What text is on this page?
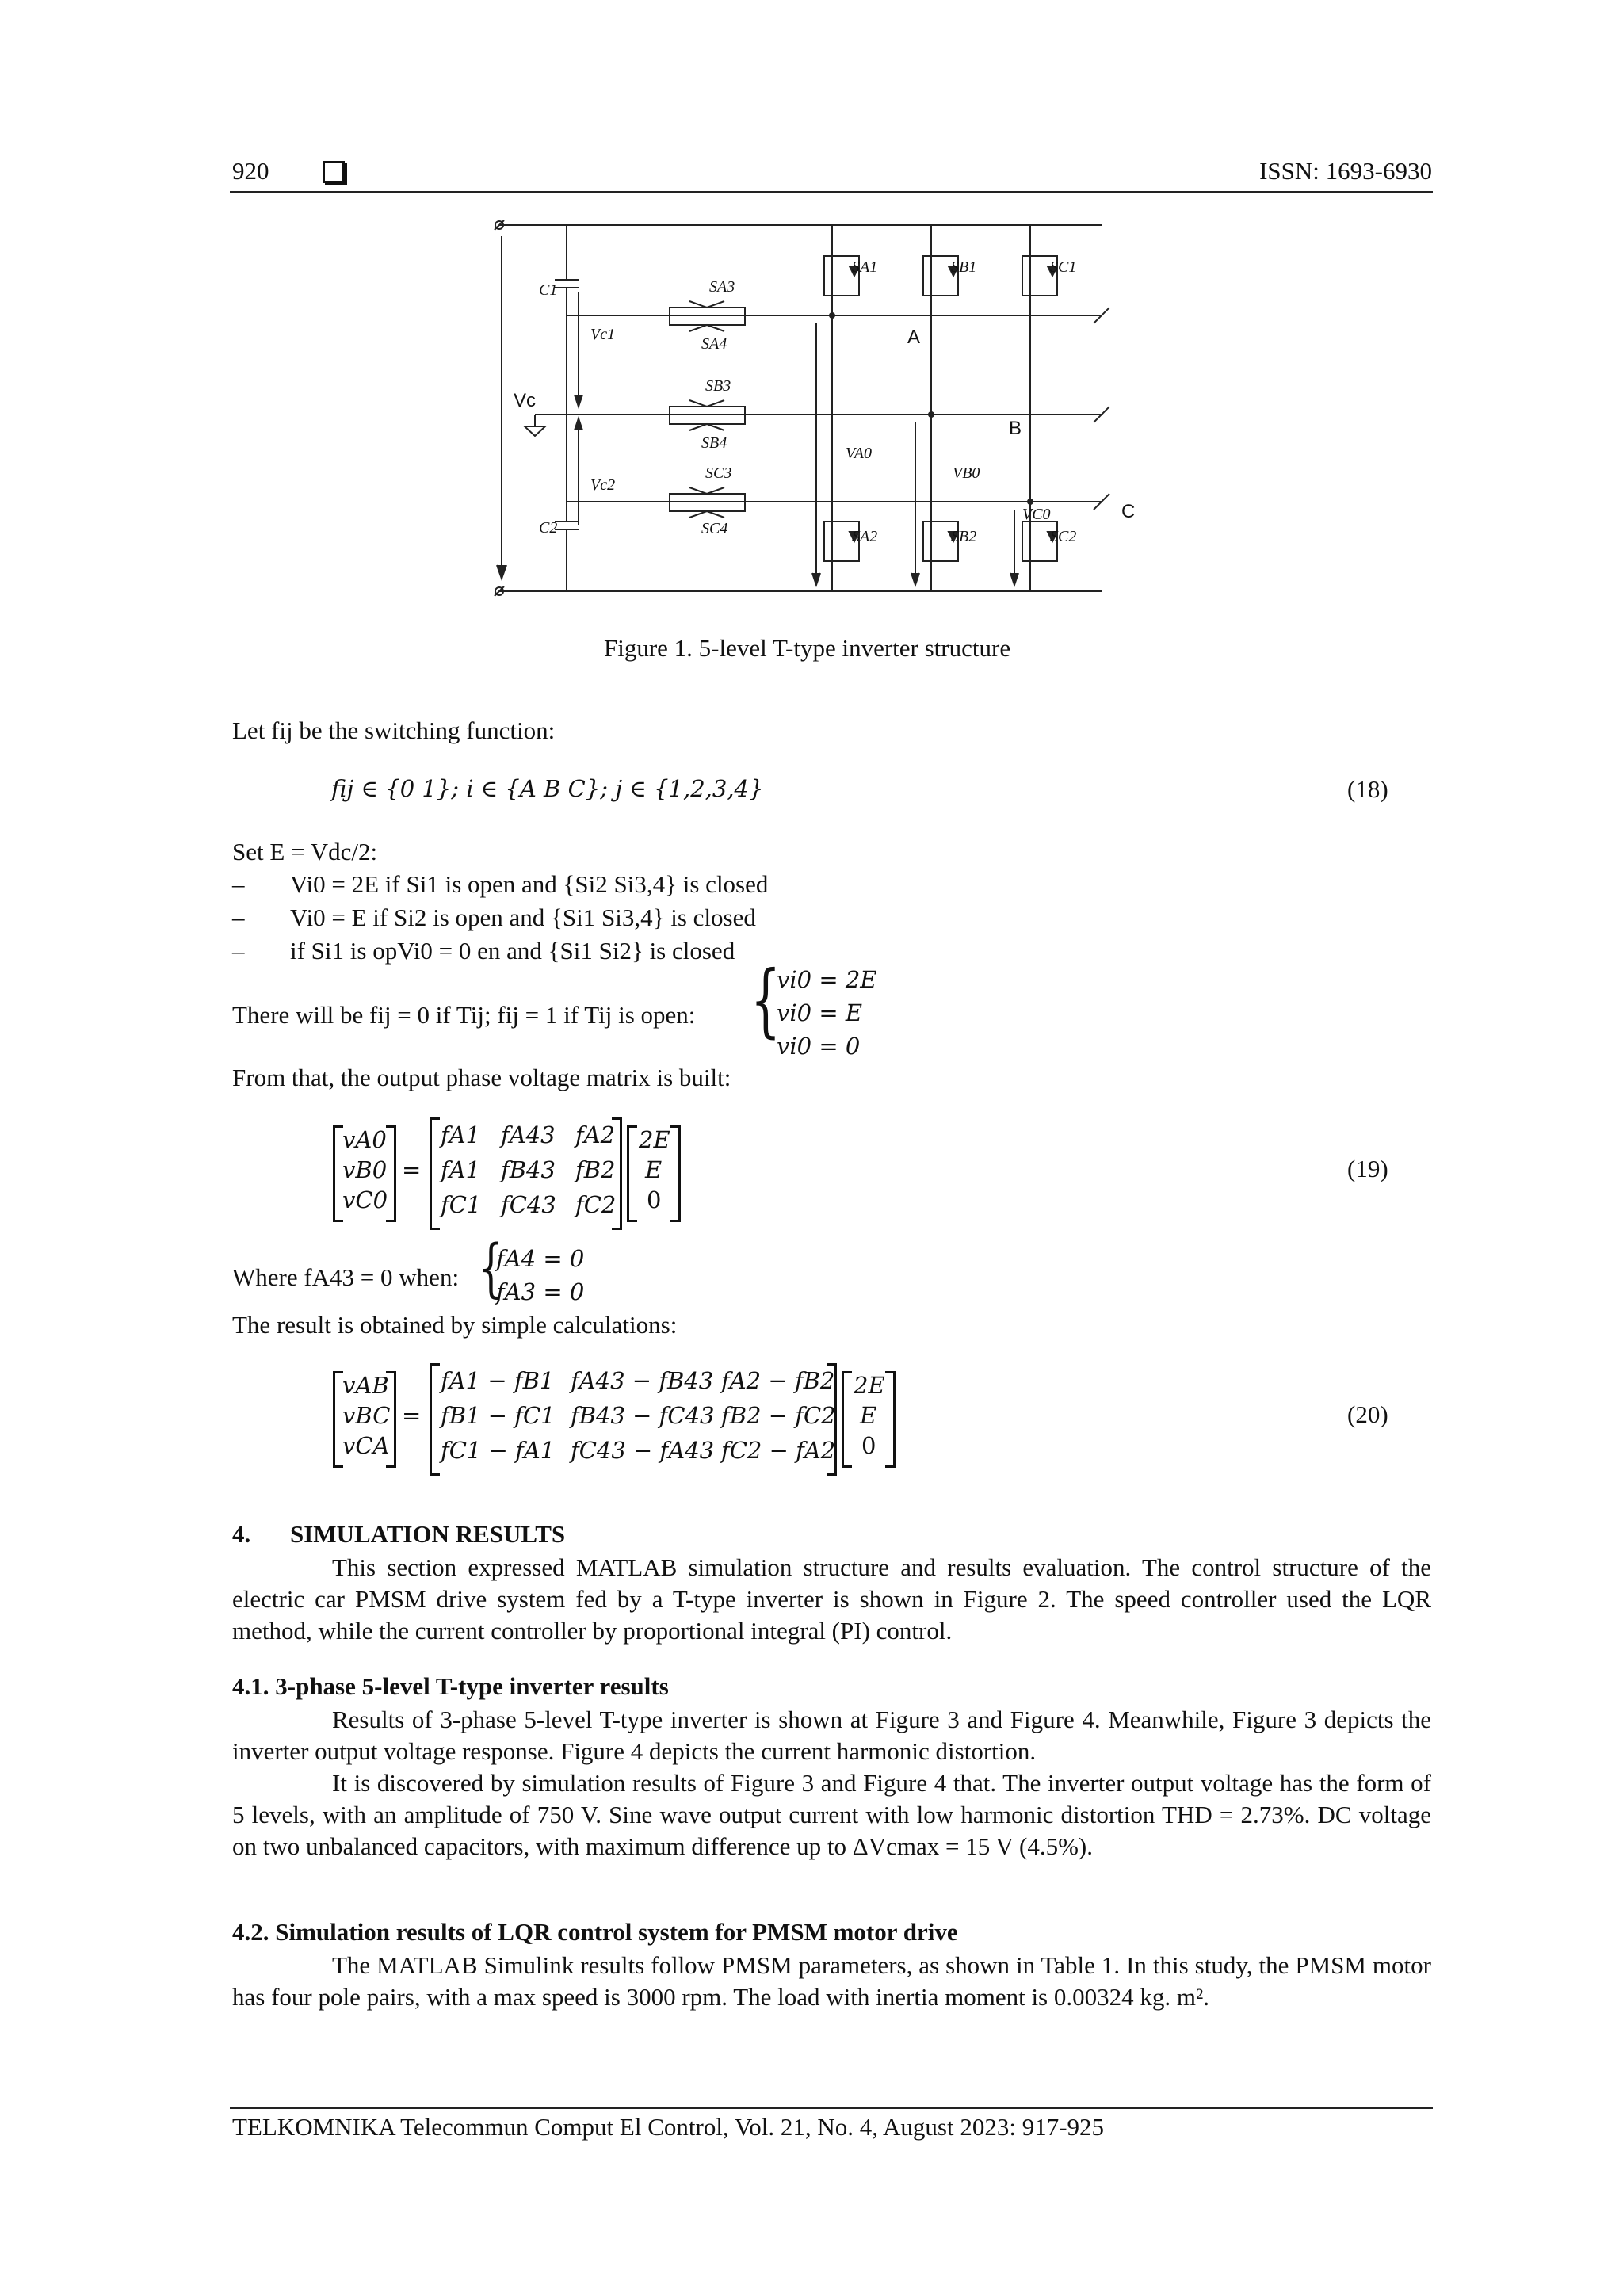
920	ISSN: 1693-6930
C1
C2
Vc1
Vc2
SA3
SA4
SB3
SB4
SC3
SC4
SA1	SB1	SC1
SA2	SB2	SC2
VA0
VB0
VC0
Vc
A
B
C
Figure 1. 5-level T-type inverter structure
Let fij be the switching function:
fij ∈ {0 1}; i ∈ {A B C}; j ∈ {1,2,3,4}	(18)
Set E = Vdc/2:
– Vi0 = 2E if Si1 is open and {Si2 Si3,4} is closed
– Vi0 = E if Si2 is open and {Si1 Si3,4} is closed
– if Si1 is opVi0 = 0 en and {Si1 Si2} is closed
There will be fij = 0 if Tij; fij = 1 if Tij is open: {
vi0 = 2E
vi0 = E
vi0 = 0
From that, the output phase voltage matrix is built:
vA0
vB0
vC0
=
fA1 fA43 fA2
fA1 fB43 fB2
fC1 fC43 fC2
2E
E
0
(19)
Where fA43 = 0 when: {
fA4 = 0
fA3 = 0
The result is obtained by simple calculations:
vAB
vBC
vCA
=
fA1 − fB1 fA43 − fB43 fA2 − fB2
fB1 − fC1 fB43 − fC43 fB2 − fC2
fC1 − fA1 fC43 − fA43 fC2 − fA2
2E
E
0
(20)
4. SIMULATION RESULTS
This section expressed MATLAB simulation structure and results evaluation. The control structure of the electric car PMSM drive system fed by a T-type inverter is shown in Figure 2. The speed controller used the LQR method, while the current controller by proportional integral (PI) control.
4.1. 3-phase 5-level T-type inverter results
Results of 3-phase 5-level T-type inverter is shown at Figure 3 and Figure 4. Meanwhile, Figure 3 depicts the inverter output voltage response. Figure 4 depicts the current harmonic distortion.
It is discovered by simulation results of Figure 3 and Figure 4 that. The inverter output voltage has the form of 5 levels, with an amplitude of 750 V. Sine wave output current with low harmonic distortion THD = 2.73%. DC voltage on two unbalanced capacitors, with maximum difference up to ΔVcmax = 15 V (4.5%).
4.2. Simulation results of LQR control system for PMSM motor drive
The MATLAB Simulink results follow PMSM parameters, as shown in Table 1. In this study, the PMSM motor has four pole pairs, with a max speed is 3000 rpm. The load with inertia moment is 0.00324 kg. m².
TELKOMNIKA Telecommun Comput El Control, Vol. 21, No. 4, August 2023: 917-925
